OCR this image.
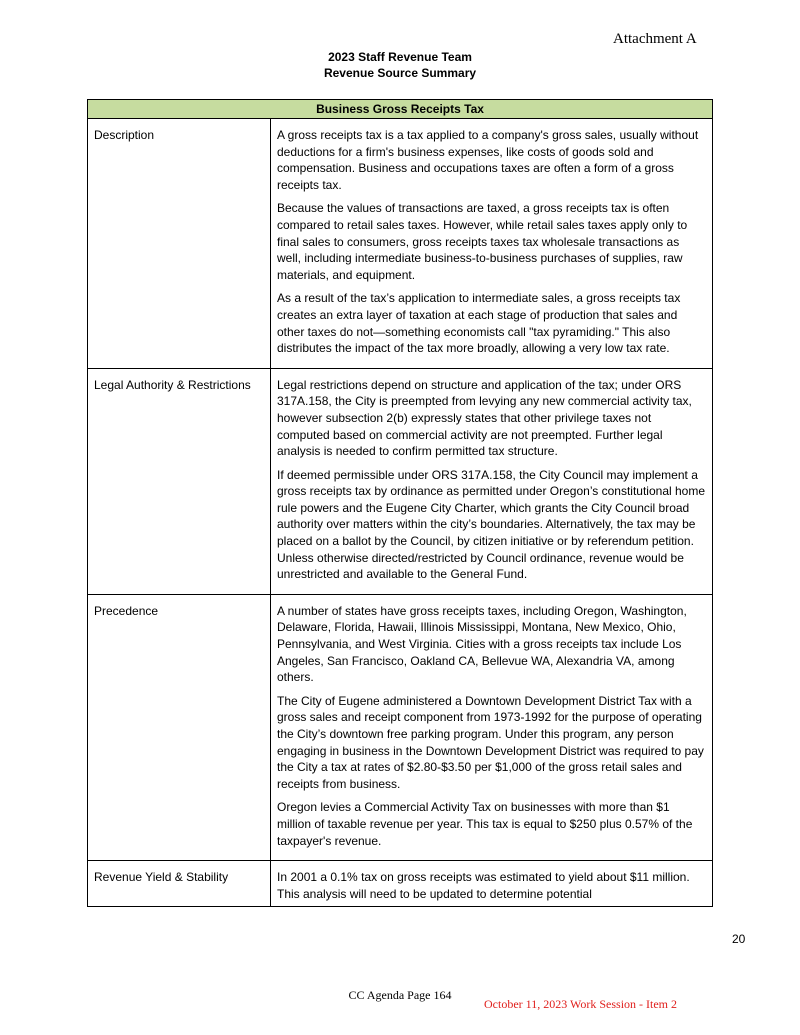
Attachment A
2023 Staff Revenue Team
Revenue Source Summary
Business Gross Receipts Tax	
Description	A gross receipts tax is a tax applied to a company's gross sales, usually without deductions for a firm's business expenses, like costs of goods sold and compensation. Business and occupations taxes are often a form of a gross receipts tax.

Because the values of transactions are taxed, a gross receipts tax is often compared to retail sales taxes. However, while retail sales taxes apply only to final sales to consumers, gross receipts taxes tax wholesale transactions as well, including intermediate business-to-business purchases of supplies, raw materials, and equipment.

As a result of the tax’s application to intermediate sales, a gross receipts tax creates an extra layer of taxation at each stage of production that sales and other taxes do not—something economists call "tax pyramiding." This also distributes the impact of the tax more broadly, allowing a very low tax rate.

Legal Authority & Restrictions	Legal restrictions depend on structure and application of the tax; under ORS 317A.158, the City is preempted from levying any new commercial activity tax, however subsection 2(b) expressly states that other privilege taxes not computed based on commercial activity are not preempted. Further legal analysis is needed to confirm permitted tax structure.

If deemed permissible under ORS 317A.158, the City Council may implement a gross receipts tax by ordinance as permitted under Oregon’s constitutional home rule powers and the Eugene City Charter, which grants the City Council broad authority over matters within the city’s boundaries. Alternatively, the tax may be placed on a ballot by the Council, by citizen initiative or by referendum petition. Unless otherwise directed/restricted by Council ordinance, revenue would be unrestricted and available to the General Fund.

Precedence	A number of states have gross receipts taxes, including Oregon, Washington, Delaware, Florida, Hawaii, Illinois Mississippi, Montana, New Mexico, Ohio, Pennsylvania, and West Virginia. Cities with a gross receipts tax include Los Angeles, San Francisco, Oakland CA, Bellevue WA, Alexandria VA, among others.

The City of Eugene administered a Downtown Development District Tax with a gross sales and receipt component from 1973-1992 for the purpose of operating the City’s downtown free parking program. Under this program, any person engaging in business in the Downtown Development District was required to pay the City a tax at rates of $2.80-$3.50 per $1,000 of the gross retail sales and receipts from business.

Oregon levies a Commercial Activity Tax on businesses with more than $1 million of taxable revenue per year. This tax is equal to $250 plus 0.57% of the taxpayer's revenue.

Revenue Yield & Stability	In 2001 a 0.1% tax on gross receipts was estimated to yield about $11 million. This analysis will need to be updated to determine potential

20
CC Agenda Page 164
October 11, 2023 Work Session - Item 2
